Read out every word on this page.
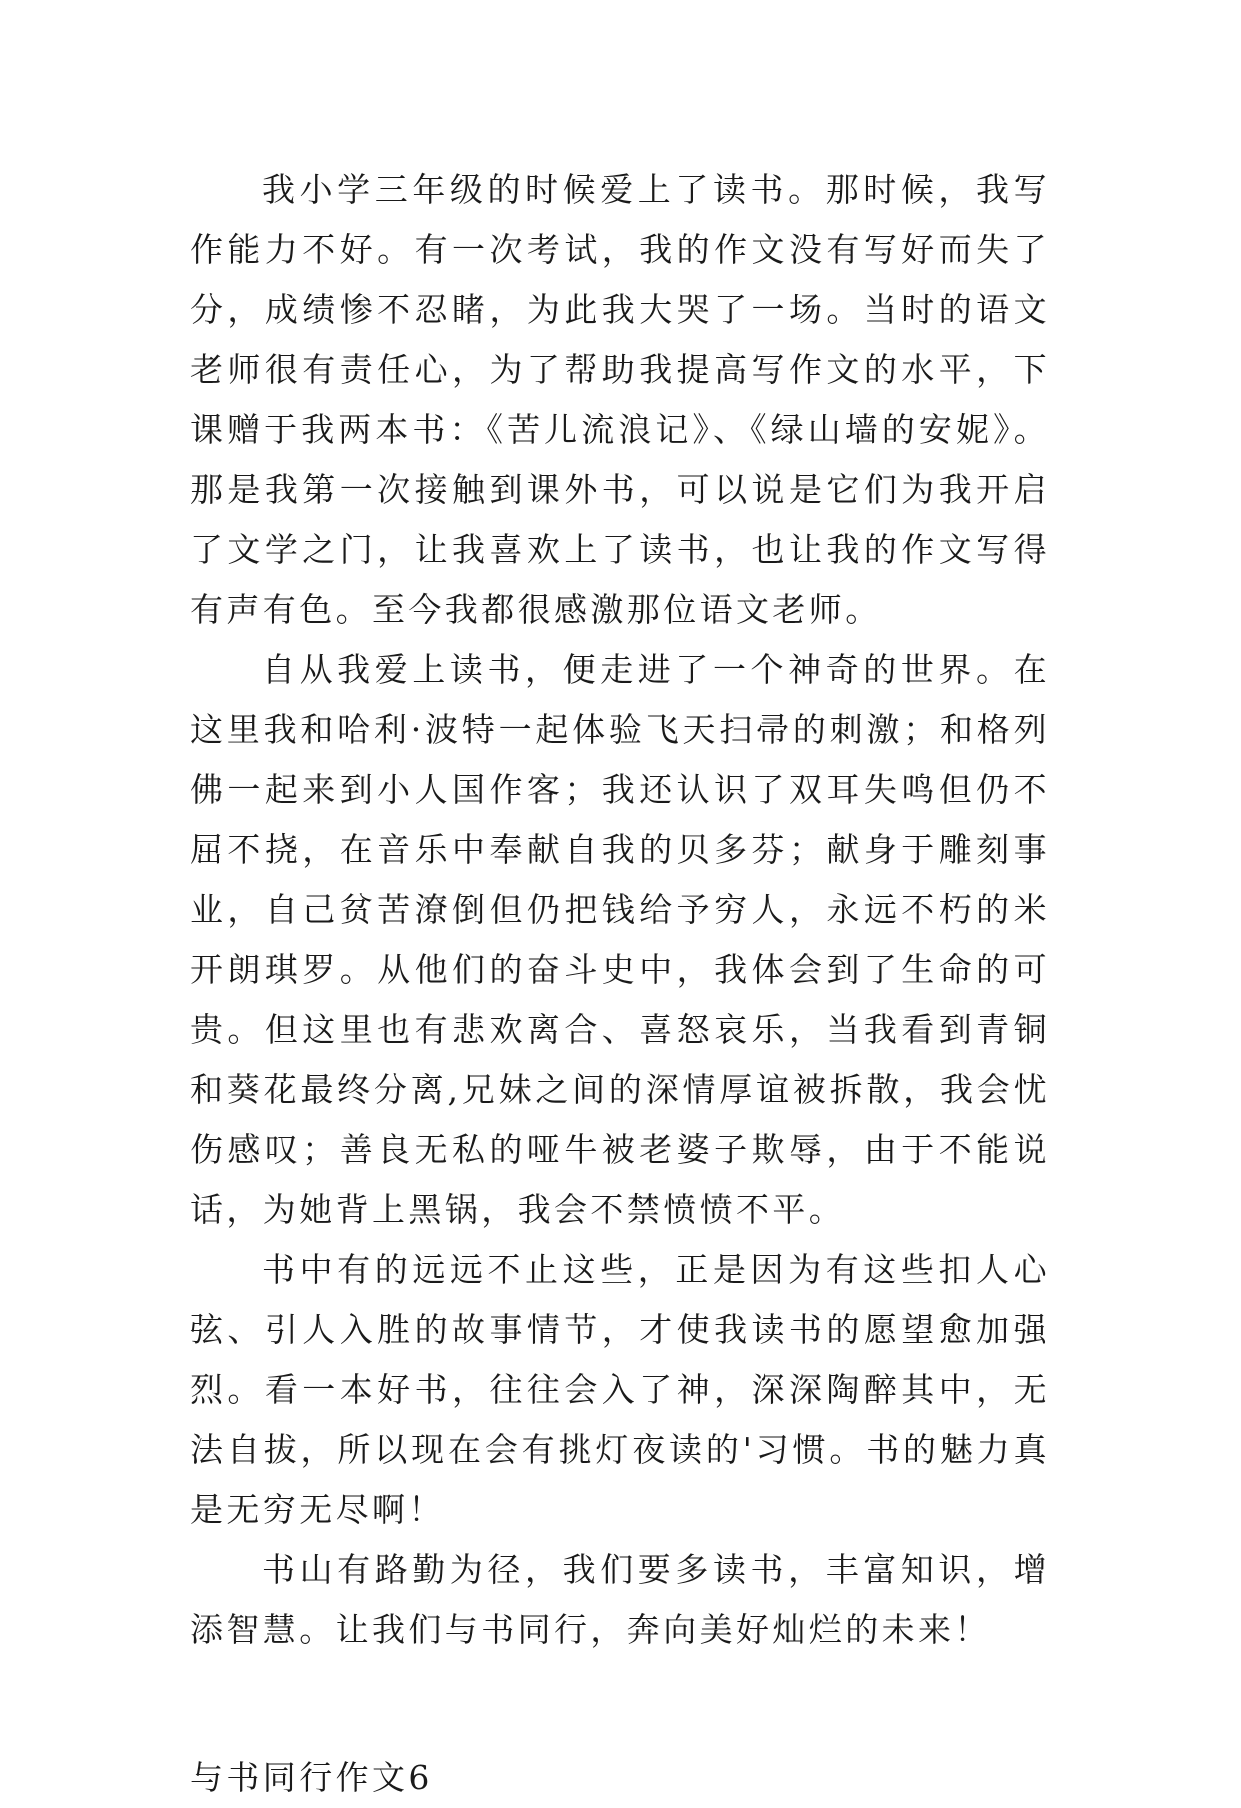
我小学三年级的时候爱上了读书。那时候，我写作能力不好。有一次考试，我的作文没有写好而失了分，成绩惨不忍睹，为此我大哭了一场。当时的语文老师很有责任心，为了帮助我提高写作文的水平，下课赠于我两本书：《苦儿流浪记》、《绿山墙的安妮》。那是我第一次接触到课外书，可以说是它们为我开启了文学之门，让我喜欢上了读书，也让我的作文写得有声有色。至今我都很感激那位语文老师。

自从我爱上读书，便走进了一个神奇的世界。在这里我和哈利·波特一起体验飞天扫帚的刺激；和格列佛一起来到小人国作客；我还认识了双耳失鸣但仍不屈不挠，在音乐中奉献自我的贝多芬；献身于雕刻事业，自己贫苦潦倒但仍把钱给予穷人，永远不朽的米开朗琪罗。从他们的奋斗史中，我体会到了生命的可贵。但这里也有悲欢离合、喜怒哀乐，当我看到青铜和葵花最终分离,兄妹之间的深情厚谊被拆散，我会忧伤感叹；善良无私的哑牛被老婆子欺辱，由于不能说话，为她背上黑锅，我会不禁愤愤不平。

书中有的远远不止这些，正是因为有这些扣人心弦、引人入胜的故事情节，才使我读书的愿望愈加强烈。看一本好书，往往会入了神，深深陶醉其中，无法自拔，所以现在会有挑灯夜读的'习惯。书的魅力真是无穷无尽啊！

书山有路勤为径，我们要多读书，丰富知识，增添智慧。让我们与书同行，奔向美好灿烂的未来！

与书同行作文6
